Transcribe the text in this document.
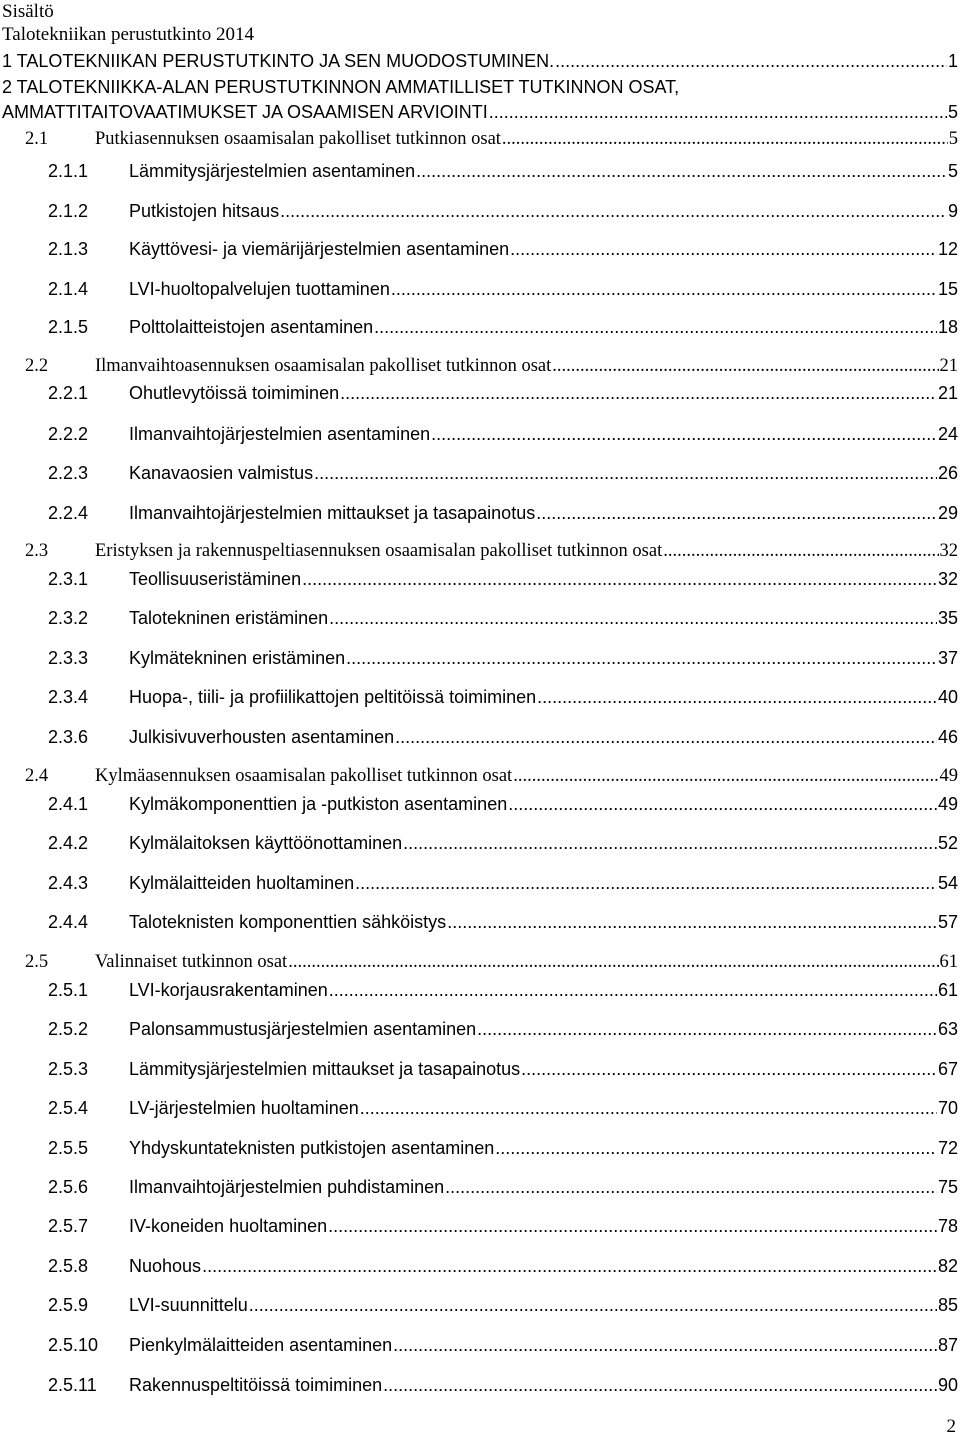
Sisältö
Talotekniikan perustutkinto 2014
1 TALOTEKNIIKAN PERUSTUTKINTO JA SEN MUODOSTUMINEN. .....	1
2 TALOTEKNIIKKA-ALAN PERUSTUTKINNON AMMATILLISET TUTKINNON OSAT,
AMMATTITAITOVAATIMUKSET JA OSAAMISEN ARVIOINTI .....	5
2.1	Putkiasennuksen osaamisalan pakolliset tutkinnon osat .....	5
2.1.1	Lämmitysjärjestelmien asentaminen .....	5
2.1.2	Putkistojen hitsaus .....	9
2.1.3	Käyttövesi- ja viemärijärjestelmien asentaminen .....	12
2.1.4	LVI-huoltopalvelujen tuottaminen .....	15
2.1.5	Polttolaitteistojen asentaminen .....	18
2.2	Ilmanvaihtoasennuksen osaamisalan pakolliset tutkinnon osat .....	21
2.2.1	Ohutlevytöissä toimiminen .....	21
2.2.2	Ilmanvaihtojärjestelmien asentaminen .....	24
2.2.3	Kanavaosien valmistus .....	26
2.2.4	Ilmanvaihtojärjestelmien mittaukset ja tasapainotus .....	29
2.3	Eristyksen ja rakennuspeltiasennuksen osaamisalan pakolliset tutkinnon osat .....	32
2.3.1	Teollisuuseristäminen .....	32
2.3.2	Talotekninen eristäminen .....	35
2.3.3	Kylmätekninen eristäminen .....	37
2.3.4	Huopa-, tiili- ja profiilikattojen peltitöissä toimiminen .....	40
2.3.6	Julkisivuverhousten asentaminen .....	46
2.4	Kylmäasennuksen osaamisalan pakolliset tutkinnon osat .....	49
2.4.1	Kylmäkomponenttien ja -putkiston asentaminen .....	49
2.4.2	Kylmälaitoksen käyttöönottaminen .....	52
2.4.3	Kylmälaitteiden huoltaminen .....	54
2.4.4	Taloteknisten komponenttien sähköistys .....	57
2.5	Valinnaiset tutkinnon osat .....	61
2.5.1	LVI-korjausrakentaminen .....	61
2.5.2	Palonsammustusjärjestelmien asentaminen .....	63
2.5.3	Lämmitysjärjestelmien mittaukset ja tasapainotus .....	67
2.5.4	LV-järjestelmien huoltaminen .....	70
2.5.5	Yhdyskuntateknisten putkistojen asentaminen .....	72
2.5.6	Ilmanvaihtojärjestelmien puhdistaminen .....	75
2.5.7	IV-koneiden huoltaminen .....	78
2.5.8	Nuohous .....	82
2.5.9	LVI-suunnittelu .....	85
2.5.10	Pienkylmälaitteiden asentaminen .....	87
2.5.11	Rakennuspeltitöissä toimiminen .....	90
2
